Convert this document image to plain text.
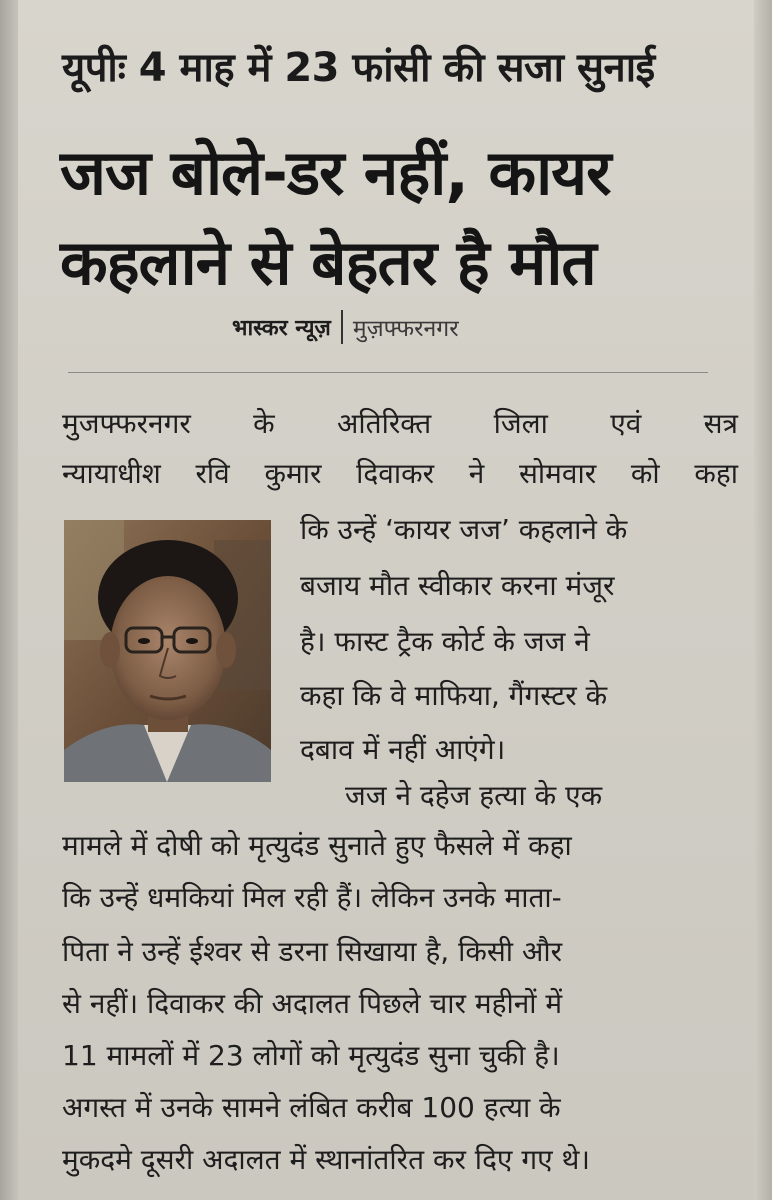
यूपीः 4 माह में 23 फांसी की सजा सुनाई
जज बोले-डर नहीं, कायर कहलाने से बेहतर है मौत
भास्कर न्यूज़ मुज़फ्फरनगर
मुजफ्फरनगर के अतिरिक्त जिला एवं सत्र
न्यायाधीश रवि कुमार दिवाकर ने सोमवार को कहा
कि उन्हें ‘कायर जज’ कहलाने के
बजाय मौत स्वीकार करना मंजूर
है। फास्ट ट्रैक कोर्ट के जज ने
कहा कि वे माफिया, गैंगस्टर के
दबाव में नहीं आएंगे।
जज ने दहेज हत्या के एक
मामले में दोषी को मृत्युदंड सुनाते हुए फैसले में कहा
कि उन्हें धमकियां मिल रही हैं। लेकिन उनके माता-
पिता ने उन्हें ईश्वर से डरना सिखाया है, किसी और
से नहीं। दिवाकर की अदालत पिछले चार महीनों में
11 मामलों में 23 लोगों को मृत्युदंड सुना चुकी है।
अगस्त में उनके सामने लंबित करीब 100 हत्या के
मुकदमे दूसरी अदालत में स्थानांतरित कर दिए गए थे।
